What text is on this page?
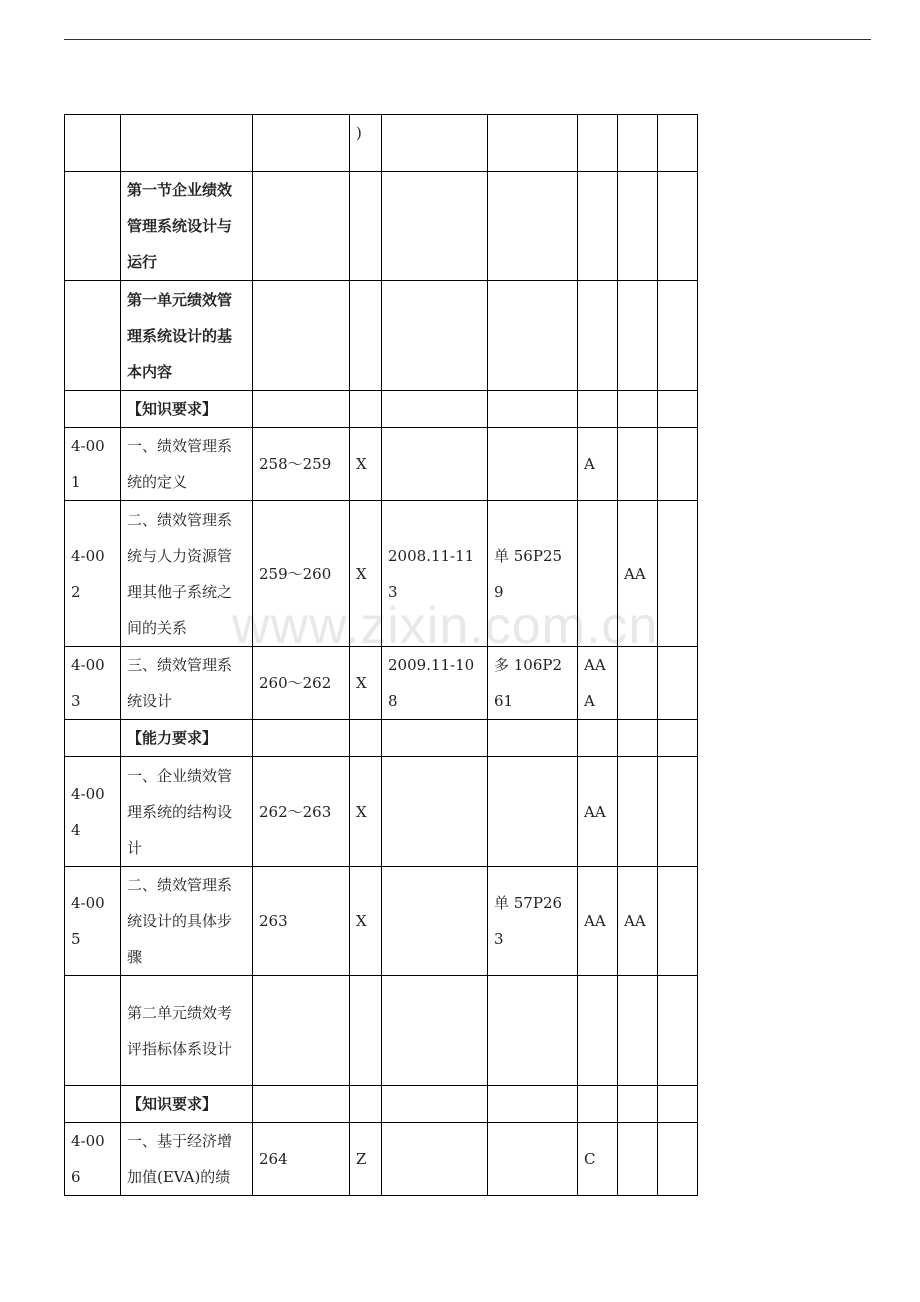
www.zixin.com.cn
			)					
	第一节企业绩效管理系统设计与运行							
	第一单元绩效管理系统设计的基本内容							
	【知识要求】							
4-001	一、绩效管理系统的定义	258～259	X			A		
4-002	二、绩效管理系统与人力资源管理其他子系统之间的关系	259～260	X	2008.11-113	单 56P259		AA	
4-003	三、绩效管理系统设计	260～262	X	2009.11-108	多 106P261	AAA		
	【能力要求】							
4-004	一、企业绩效管理系统的结构设计	262～263	X			AA		
4-005	二、绩效管理系统设计的具体步骤	263	X		单 57P263	AA	AA	
	第二单元绩效考评指标体系设计							
	【知识要求】							
4-006	一、基于经济增加值(EVA)的绩	264	Z			C		
